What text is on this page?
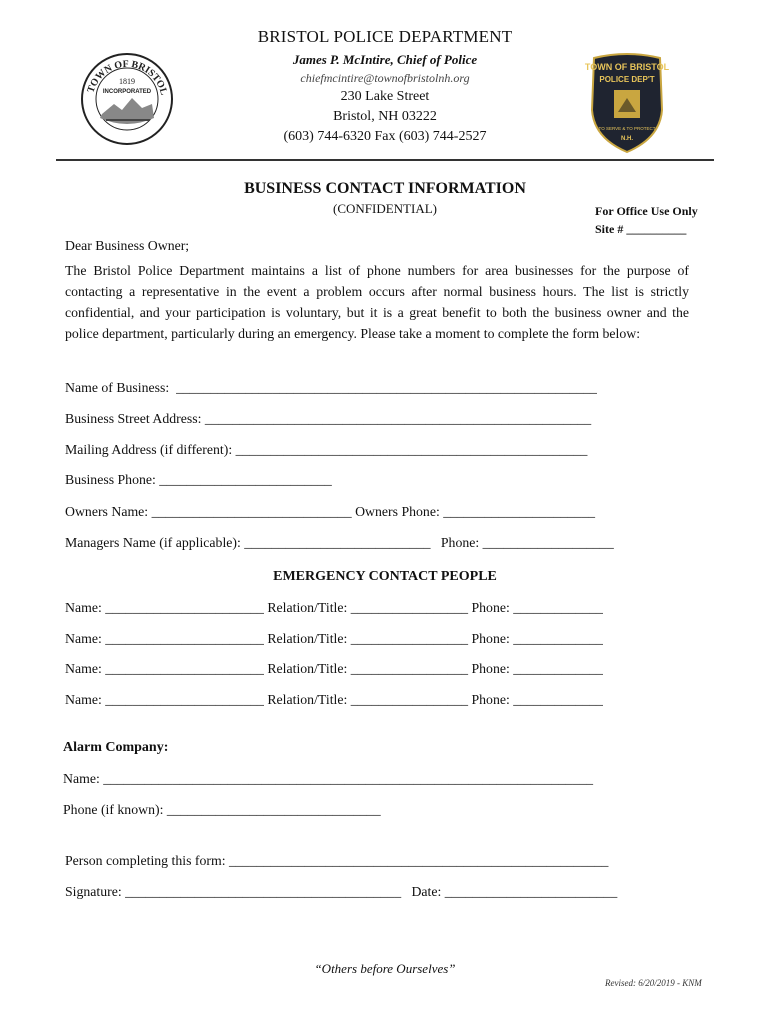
TOWN OF BRISTOL
1819
INCORPORATED
TOWN OF BRISTOL
POLICE DEP'T
TO SERVE & TO PROTECT
N.H.
BRISTOL POLICE DEPARTMENT
James P. McIntire, Chief of Police
chiefmcintire@townofbristolnh.org
230 Lake Street
Bristol, NH 03222
(603) 744-6320 Fax (603) 744-2527
BUSINESS CONTACT INFORMATION
(CONFIDENTIAL)	For Office Use Only
Site # __________
Dear Business Owner;
The Bristol Police Department maintains a list of phone numbers for area businesses for the purpose of contacting a representative in the event a problem occurs after normal business hours. The list is strictly confidential, and your participation is voluntary, but it is a great benefit to both the business owner and the police department, particularly during an emergency. Please take a moment to complete the form below:
Name of Business:  _____________________________________________________________
Business Street Address: ________________________________________________________
Mailing Address (if different): ___________________________________________________
Business Phone: _________________________
Owners Name: _____________________________ Owners Phone: ______________________
Managers Name (if applicable): ___________________________   Phone: ___________________
EMERGENCY CONTACT PEOPLE
Name: _______________________ Relation/Title: _________________ Phone: _____________
Name: _______________________ Relation/Title: _________________ Phone: _____________
Name: _______________________ Relation/Title: _________________ Phone: _____________
Name: _______________________ Relation/Title: _________________ Phone: _____________
Alarm Company:
Name: _______________________________________________________________________
Phone (if known): _______________________________
Person completing this form: _______________________________________________________
Signature: ________________________________________   Date: _________________________
“Others before Ourselves”
Revised: 6/20/2019 - KNM
